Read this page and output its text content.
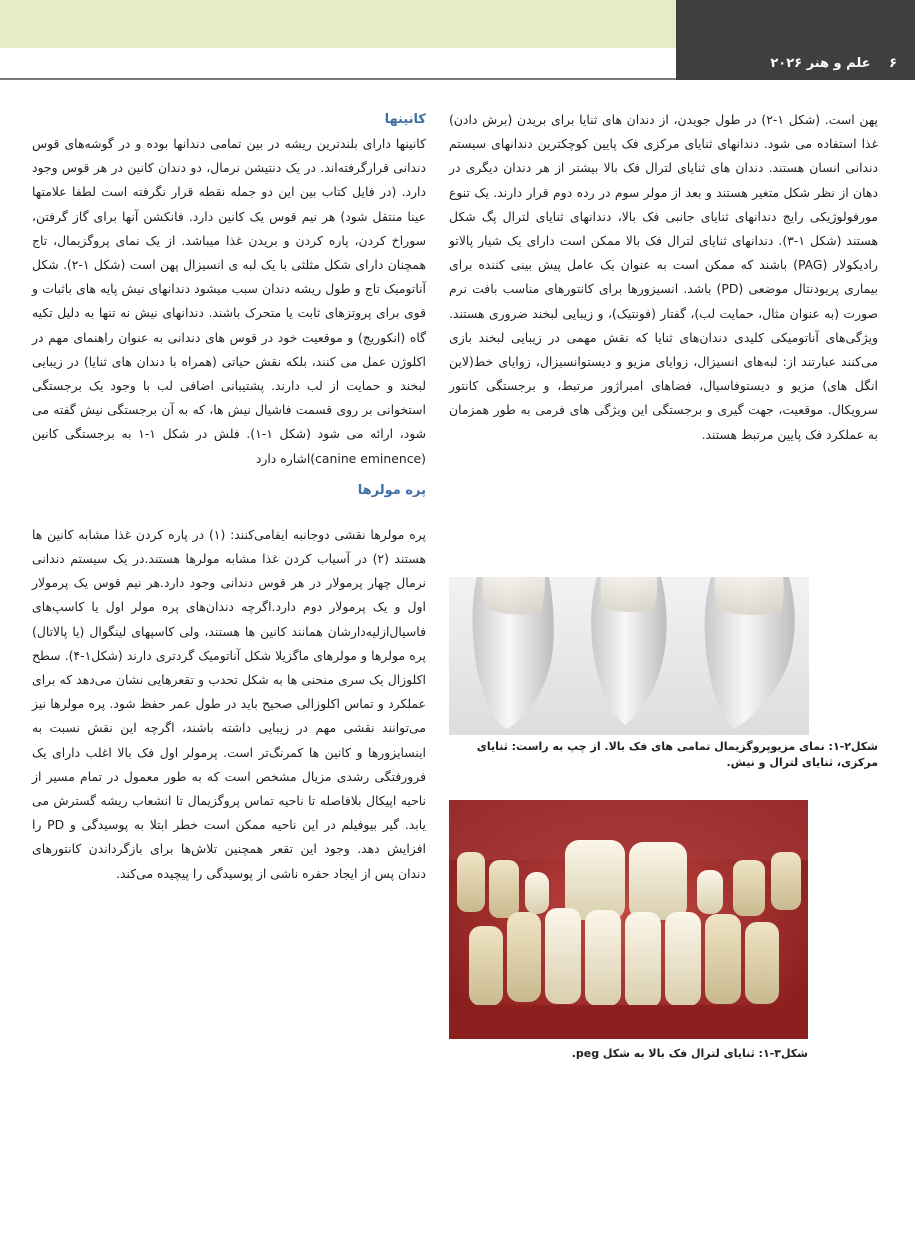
۶ علم و هنر ۲۰۲۶

پهن است. (شکل ۱-۲) در طول جویدن، از دندان های ثنایا برای بریدن (برش دادن) غذا استفاده می شود. دندانهای ثنایای مرکزی فک پایین کوچکترین دندانهای سیستم دندانی انسان هستند. دندان های ثنایای لترال فک بالا بیشتر از هر دندان دیگری در دهان از نظر شکل متغیر هستند و بعد از مولر سوم در رده دوم قرار دارند. یک تنوع مورفولوژیکی رایج دندانهای ثنایای جانبی فک بالا، دندانهای ثنایای لترال پگ شکل هستند (شکل ۱-۳). دندانهای ثنایای لترال فک بالا ممکن است دارای یک شیار پالاتو رادیکولار (PAG) باشند که ممکن است به عنوان یک عامل پیش بینی کننده برای بیماری پریودنتال موضعی (PD) باشد. انسیزورها برای کانتورهای مناسب بافت نرم صورت (به عنوان مثال، حمایت لب)، گفتار (فونتیک)، و زیبایی لبخند ضروری هستند. ویژگی‌های آناتومیکی کلیدی دندان‌های ثنایا که نقش مهمی در زیبایی لبخند بازی می‌کنند عبارتند از: لبه‌های انسیزال، زوایای مزیو و دیستوانسیزال، زوایای خط(لاین انگل های) مزیو و دیستوفاسیال، فضاهای امبراژور مرتبط، و برجستگی کانتور سرویکال. موقعیت، جهت گیری و برجستگی این ویژگی های فرمی به طور همزمان به عملکرد فک پایین مرتبط هستند.

کانینها

کانینها دارای بلندترین ریشه در بین تمامی دندانها بوده و در گوشه‌های قوس دندانی قرارگرفته‌اند. در یک دنتیشن نرمال، دو دندان کانین در هر قوس وجود دارد. (در فایل کتاب بین این دو جمله نقطه قرار نگرفته است لطفا علامتها عینا منتقل شود) هر نیم قوس یک کانین دارد. فانکشن آنها برای گاز گرفتن، سوراخ کردن، پاره کردن و بریدن غذا میباشد. از یک نمای پروگزیمال، تاج همچنان دارای شکل مثلثی با یک لبه ی انسیزال پهن است (شکل ۱-۲). شکل آناتومیک تاج و طول ریشه دندان سبب میشود دندانهای نیش پایه های باثبات و قوی برای پروتزهای ثابت یا متحرک باشند. دندانهای نیش نه تنها به دلیل تکیه گاه (انکوریج) و موقعیت خود در قوس های دندانی به عنوان راهنمای مهم در اکلوژن عمل می کنند، بلکه نقش حیاتی (همراه با دندان های ثنایا) در زیبایی لبخند و حمایت از لب دارند. پشتیبانی اضافی لب با وجود یک برجستگی استخوانی بر روی قسمت فاشیال نیش ها، که به آن برجستگی نیش گفته می شود، ارائه می شود (شکل ۱-۱). فلش در شکل ۱-۱ به برجستگی کانین (canine eminence)اشاره دارد

پره مولرها

پره مولرها نقشی دوجانبه ایفامی‌کنند: (۱) در پاره کردن غذا مشابه کانین ها هستند (۲) در آسیاب کردن غذا مشابه مولرها هستند.در یک سیستم دندانی نرمال چهار پرمولار در هر قوس دندانی وجود دارد.هر نیم قوس یک پرمولار اول و یک پرمولار دوم دارد.اگرچه دندان‌های پره مولر اول یا کاسپ‌های فاسیال‌ازلیه‌دارشان همانند کانین ها هستند، ولی کاسپهای لینگوال (یا پالاتال) پره مولرها و مولرهای ماگزیلا شکل آناتومیک گردتری دارند (شکل۱-۴). سطح اکلوزال یک سری منحنی ها به شکل تحدب و تقعرهایی نشان می‌دهد که برای عملکرد و تماس اکلوزالی صحیح باید در طول عمر حفظ شود. پره مولرها نیز می‌توانند نقشی مهم در زیبایی داشته باشند، اگرچه این نقش نسبت به اینسایزورها و کانین ها کمرنگ‌تر است. پرمولر اول فک بالا اغلب دارای یک فرورفتگی رشدی مزیال مشخص است که به طور معمول در تمام مسیر از ناحیه اپیکال بلافاصله تا ناحیه تماس پروگزیمال تا انشعاب ریشه گسترش می یابد. گیر بیوفیلم در این ناحیه ممکن است خطر ابتلا به پوسیدگی و PD را افزایش دهد. وجود این تقعر همچنین تلاش‌ها برای بازگرداندن کانتورهای دندان پس از ایجاد حفره ناشی از پوسیدگی را پیچیده می‌کند.

شکل۲-۱: نمای مزیوپروگزیمال تمامی های فک بالا. از چپ به راست: ثنایای مرکزی، ثنایای لترال و نیش.
شکل۳-۱: ثنایای لترال فک بالا به شکل peg.
